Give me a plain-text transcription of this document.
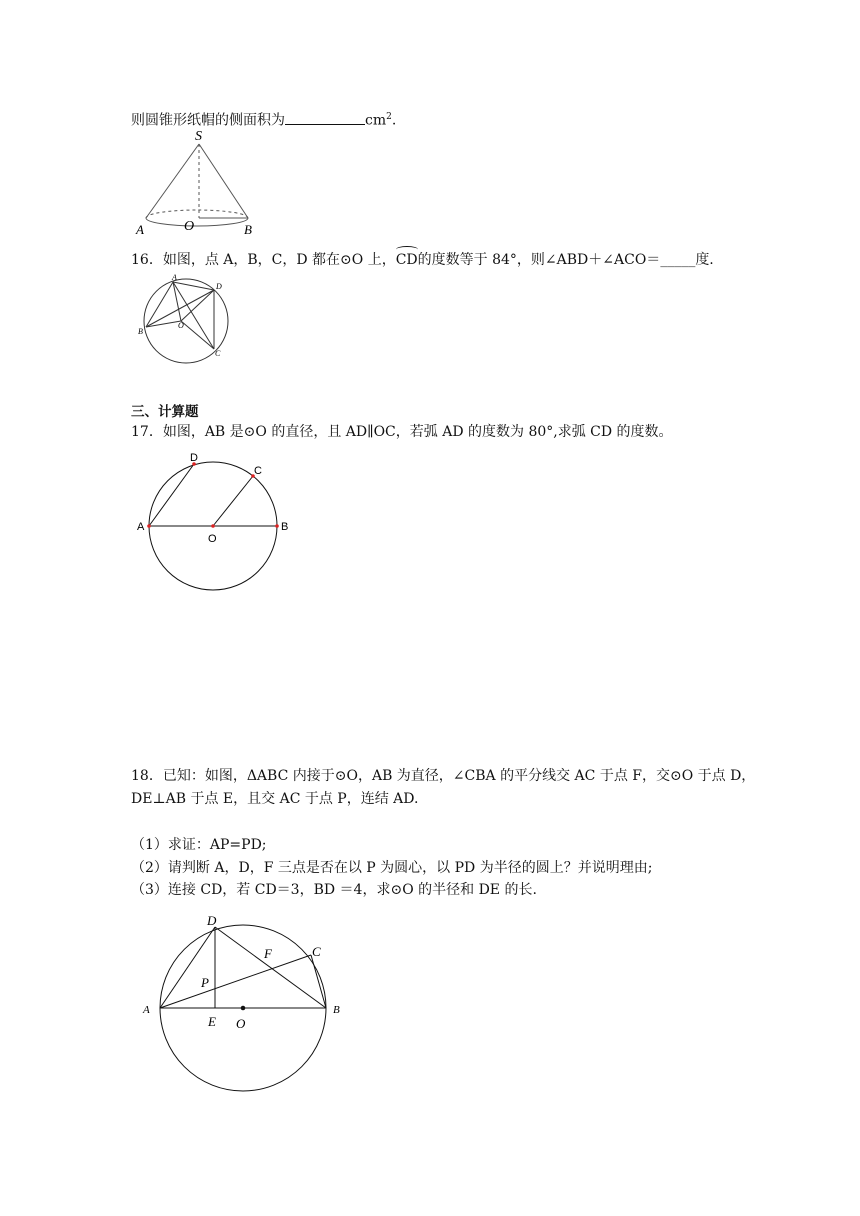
则圆锥形纸帽的侧面积为	$cm^2$.
S
O
A	B
16．如图，点 A，B，C，D 都在⊙O 上，CD的度数等于 84°，则∠ABD＋∠ACO＝_____度.
A
B
C
D
O
三、计算题
17．如图，AB 是⊙O 的直径，且 AD∥OC，若弧 AD 的度数为 80°,求弧 CD 的度数。
A	B
C
D
O
18．已知：如图，ΔABC 内接于⊙O，AB 为直径，∠CBA 的平分线交 AC 于点 F，交⊙O 于点 D，
DE⊥AB 于点 E，且交 AC 于点 P，连结 AD.
（1）求证：AP=PD;
（2）请判断 A，D，F 三点是否在以 P 为圆心，以 PD 为半径的圆上？并说明理由;
（3）连接 CD，若 CD＝3，BD ＝4，求⊙O 的半径和 DE 的长.
D
A	B
C
F
P
E O
